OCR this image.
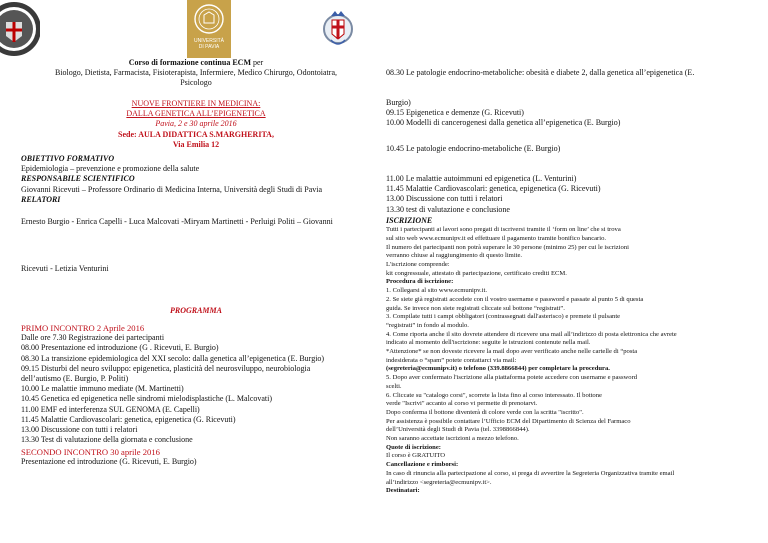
UNIVERSITÀ
DI PAVIA
Corso di formazione continua ECM per
Biologo, Dietista, Farmacista, Fisioterapista, Infermiere, Medico Chirurgo, Odontoiatra,
Psicologo
NUOVE FRONTIERE IN MEDICINA:
DALLA GENETICA ALL’EPIGENETICA
Pavia, 2 e 30 aprile 2016
Sede: AULA DIDATTICA S.MARGHERITA,
Via Emilia 12
OBIETTIVO FORMATIVO
Epidemiologia – prevenzione e promozione della salute
RESPONSABILE SCIENTIFICO
Giovanni Ricevuti – Professore Ordinario di Medicina Interna, Università degli Studi di Pavia
RELATORI
Ernesto Burgio - Enrica Capelli - Luca Malcovati -Miryam Martinetti - Perluigi Politi – Giovanni
Ricevuti - Letizia Venturini
PROGRAMMA
PRIMO INCONTRO 2 Aprile 2016
Dalle ore 7.30 Registrazione dei partecipanti
08.00 Presentazione ed introduzione (G . Ricevuti, E. Burgio)
08.30 La transizione epidemiologica del XXI secolo: dalla genetica all’epigenetica (E. Burgio)
09.15 Disturbi del neuro sviluppo: epigenetica, plasticità del neurosviluppo, neurobiologia
dell’autismo (E. Burgio, P. Politi)
10.00 Le malattie immuno mediate (M. Martinetti)
10.45 Genetica ed epigenetica nelle sindromi mielodisplastiche (L. Malcovati)
11.00 EMF ed interferenza SUL GENOMA (E. Capelli)
11.45 Malattie Cardiovascolari: genetica, epigenetica (G. Ricevuti)
13.00 Discussione con tutti i relatori
13.30 Test di valutazione della giornata e conclusione
SECONDO INCONTRO 30 aprile 2016
Presentazione ed introduzione (G. Ricevuti, E. Burgio)
08.30 Le patologie endocrino-metaboliche: obesità e diabete 2, dalla genetica all’epigenetica (E.
Burgio)
09.15 Epigenetica e demenze (G. Ricevuti)
10.00 Modelli di cancerogenesi dalla genetica all’epigenetica (E. Burgio)
10.45 Le patologie endocrino-metaboliche (E. Burgio)
11.00 Le malattie autoimmuni ed epigenetica (L. Venturini)
11.45 Malattie Cardiovascolari: genetica, epigenetica (G. Ricevuti)
13.00 Discussione con tutti i relatori
13.30 test di valutazione e conclusione
ISCRIZIONE
Tutti i partecipanti ai lavori sono pregati di iscriversi tramite il ‘form on line’ che si trova
sul sito web www.ecmunipv.it ed effettuare il pagamento tramite bonifico bancario.
Il numero dei partecipanti non potrà superare le 30 persone (minimo 25) per cui le iscrizioni
verranno chiuse al raggiungimento di questo limite.
L'iscrizione comprende:
kit congressuale, attestato di partecipazione, certificato crediti ECM.
Procedura di iscrizione:
1. Collegarsi al sito www.ecmunipv.it.
2. Se siete già registrati accedete con il vostro username e password e passate al punto 5 di questa
guida. Se invece non siete registrati cliccate sul bottone “registrati”.
3. Compilate tutti i campi obbligatori (contrassegnati dall'asterisco) e premete il pulsante
“registrati” in fondo al modulo.
4. Come riporta anche il sito dovrete attendere di ricevere una mail all’indirizzo di posta elettronica che avrete
indicato al momento dell'iscrizione: seguite le istruzioni contenute nella mail.
*Attenzione* se non doveste ricevere la mail dopo aver verificato anche nelle cartelle di “posta
indesiderata o “spam” potete contattarci via mail:
(segreteria@ecmunipv.it) o telefono (339.8866844) per completare la procedura.
5. Dopo aver confermato l'iscrizione alla piattaforma potete accedere con username e password
scelti.
6. Cliccate su "catalogo corsi", scorrete la lista fino al corso interessato. Il bottone
verde "Iscrivi" accanto al corso vi permette di prenotarvi.
Dopo conferma il bottone diventerà di colore verde con la scritta "iscritto".
Per assistenza è possibile contattare l’Ufficio ECM del Dipartimento di Scienza del Farmaco
dell’Università degli Studi di Pavia (tel. 3398866844).
Non saranno accettate iscrizioni a mezzo telefono.
Quote di iscrizione:
Il corso è GRATUITO
Cancellazione e rimborsi:
In caso di rinuncia alla partecipazione al corso, si prega di avvertire la Segreteria Organizzativa tramite email
all’indirizzo <segreteria@ecmunipv.it>.
Destinatari:
